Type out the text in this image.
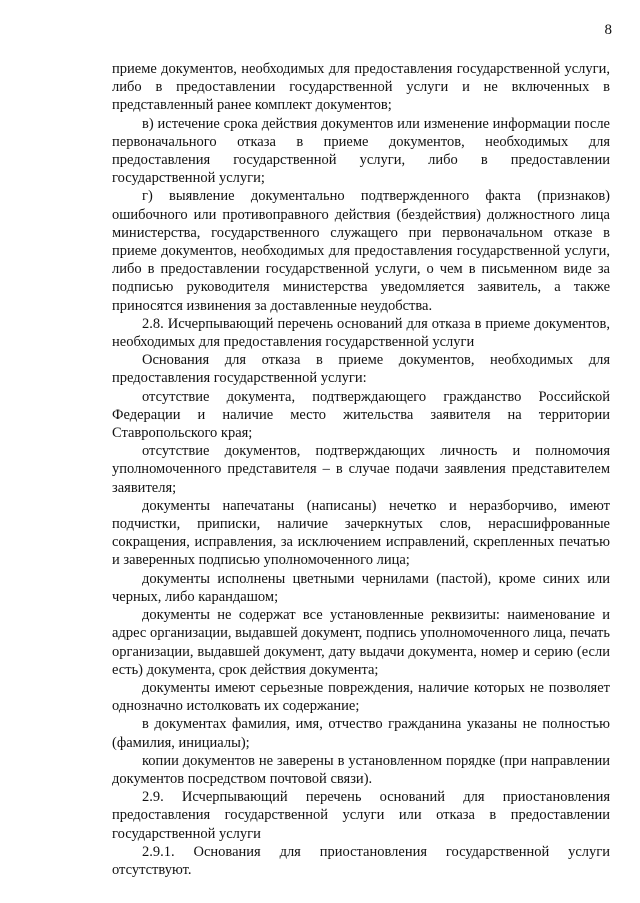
8

приеме документов, необходимых для предоставления государственной услуги, либо в предоставлении государственной услуги и не включенных в представленный ранее комплект документов;

в) истечение срока действия документов или изменение информации после первоначального отказа в приеме документов, необходимых для предоставления государственной услуги, либо в предоставлении государственной услуги;

г) выявление документально подтвержденного факта (признаков) ошибочного или противоправного действия (бездействия) должностного лица министерства, государственного служащего при первоначальном отказе в приеме документов, необходимых для предоставления государственной услуги, либо в предоставлении государственной услуги, о чем в письменном виде за подписью руководителя министерства уведомляется заявитель, а также приносятся извинения за доставленные неудобства.

2.8. Исчерпывающий перечень оснований для отказа в приеме документов, необходимых для предоставления государственной услуги

Основания для отказа в приеме документов, необходимых для предоставления государственной услуги:

отсутствие документа, подтверждающего гражданство Российской Федерации и наличие место жительства заявителя на территории Ставропольского края;

отсутствие документов, подтверждающих личность и полномочия уполномоченного представителя – в случае подачи заявления представителем заявителя;

документы напечатаны (написаны) нечетко и неразборчиво, имеют подчистки, приписки, наличие зачеркнутых слов, нерасшифрованные сокращения, исправления, за исключением исправлений, скрепленных печатью и заверенных подписью уполномоченного лица;

документы исполнены цветными чернилами (пастой), кроме синих или черных, либо карандашом;

документы не содержат все установленные реквизиты: наименование и адрес организации, выдавшей документ, подпись уполномоченного лица, печать организации, выдавшей документ, дату выдачи документа, номер и серию (если есть) документа, срок действия документа;

документы имеют серьезные повреждения, наличие которых не позволяет однозначно истолковать их содержание;

в документах фамилия, имя, отчество гражданина указаны не полностью (фамилия, инициалы);

копии документов не заверены в установленном порядке (при направлении документов посредством почтовой связи).

2.9. Исчерпывающий перечень оснований для приостановления предоставления государственной услуги или отказа в предоставлении государственной услуги

2.9.1. Основания для приостановления государственной услуги отсутствуют.
